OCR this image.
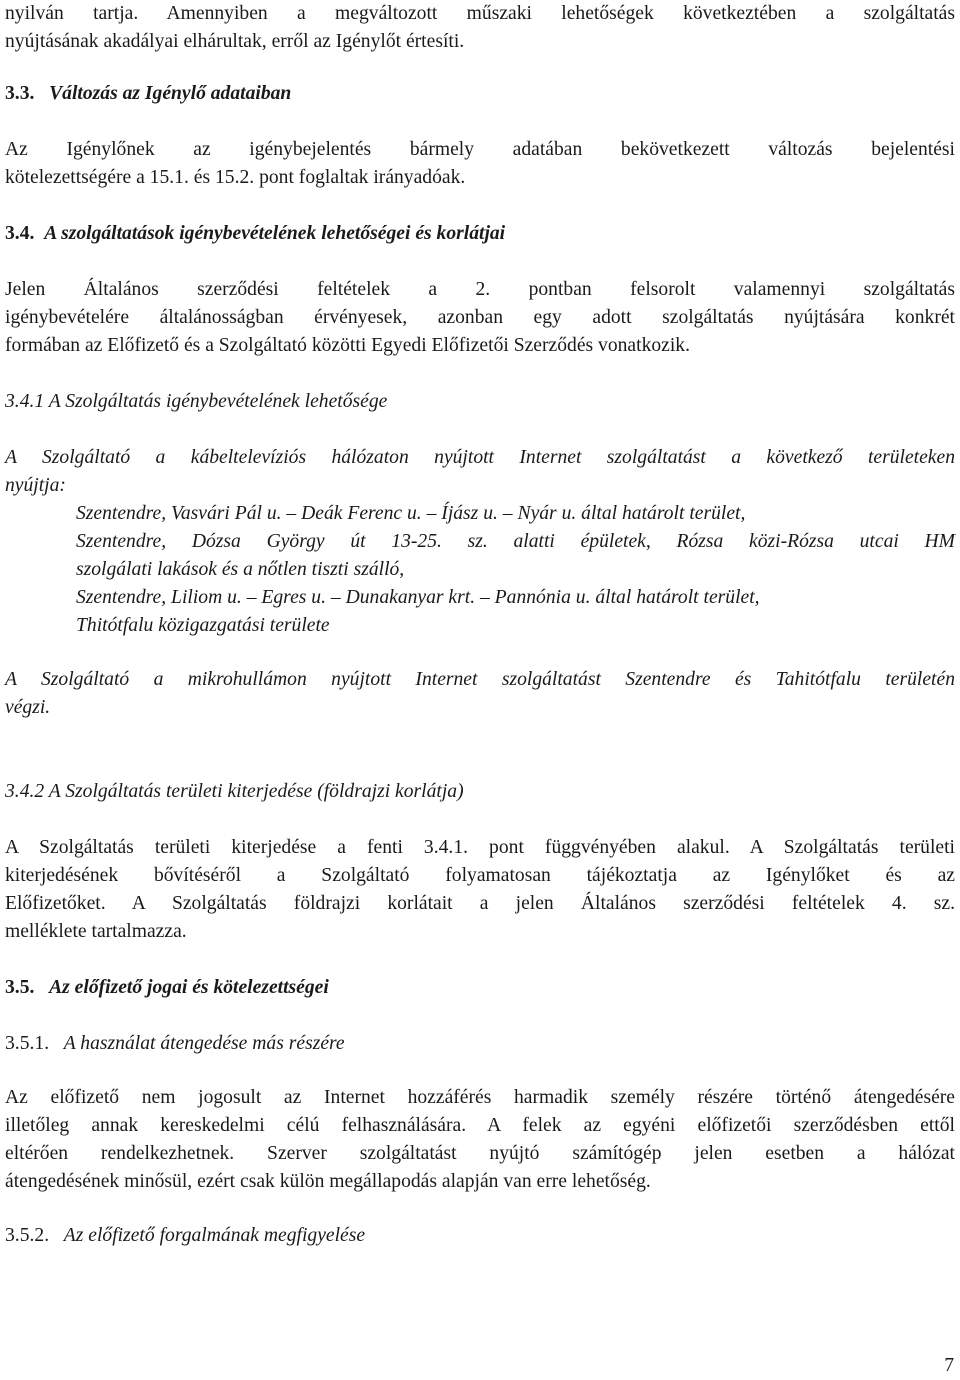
nyilván tartja. Amennyiben a megváltozott műszaki lehetőségek következtében a szolgáltatás
nyújtásának akadályai elhárultak, erről az Igénylőt értesíti.
3.3. Változás az Igénylő adataiban
Az Igénylőnek az igénybejelentés bármely adatában bekövetkezett változás bejelentési
kötelezettségére a 15.1. és 15.2. pont foglaltak irányadóak.
3.4. A szolgáltatások igénybevételének lehetőségei és korlátjai
Jelen Általános szerződési feltételek a 2. pontban felsorolt valamennyi szolgáltatás
igénybevételére általánosságban érvényesek, azonban egy adott szolgáltatás nyújtására konkrét
formában az Előfizető és a Szolgáltató közötti Egyedi Előfizetői Szerződés vonatkozik.
3.4.1 A Szolgáltatás igénybevételének lehetősége
A Szolgáltató a kábeltelevíziós hálózaton nyújtott Internet szolgáltatást a következő területeken
nyújtja:
Szentendre, Vasvári Pál u. – Deák Ferenc u. – Íjász u. – Nyár u. által határolt terület,
Szentendre, Dózsa György út 13-25. sz. alatti épületek, Rózsa közi-Rózsa utcai HM
szolgálati lakások és a nőtlen tiszti szálló,
Szentendre, Liliom u. – Egres u. – Dunakanyar krt. – Pannónia u. által határolt terület,
Thitótfalu közigazgatási területe
A Szolgáltató a mikrohullámon nyújtott Internet szolgáltatást Szentendre és Tahitótfalu területén
végzi.
3.4.2 A Szolgáltatás területi kiterjedése (földrajzi korlátja)
A Szolgáltatás területi kiterjedése a fenti 3.4.1. pont függvényében alakul. A Szolgáltatás területi
kiterjedésének bővítéséről a Szolgáltató folyamatosan tájékoztatja az Igénylőket és az
Előfizetőket. A Szolgáltatás földrajzi korlátait a jelen Általános szerződési feltételek 4. sz.
melléklete tartalmazza.
3.5. Az előfizető jogai és kötelezettségei
3.5.1. A használat átengedése más részére
Az előfizető nem jogosult az Internet hozzáférés harmadik személy részére történő átengedésére
illetőleg annak kereskedelmi célú felhasználására. A felek az egyéni előfizetői szerződésben ettől
eltérően rendelkezhetnek. Szerver szolgáltatást nyújtó számítógép jelen esetben a hálózat
átengedésének minősül, ezért csak külön megállapodás alapján van erre lehetőség.
3.5.2. Az előfizető forgalmának megfigyelése
7
